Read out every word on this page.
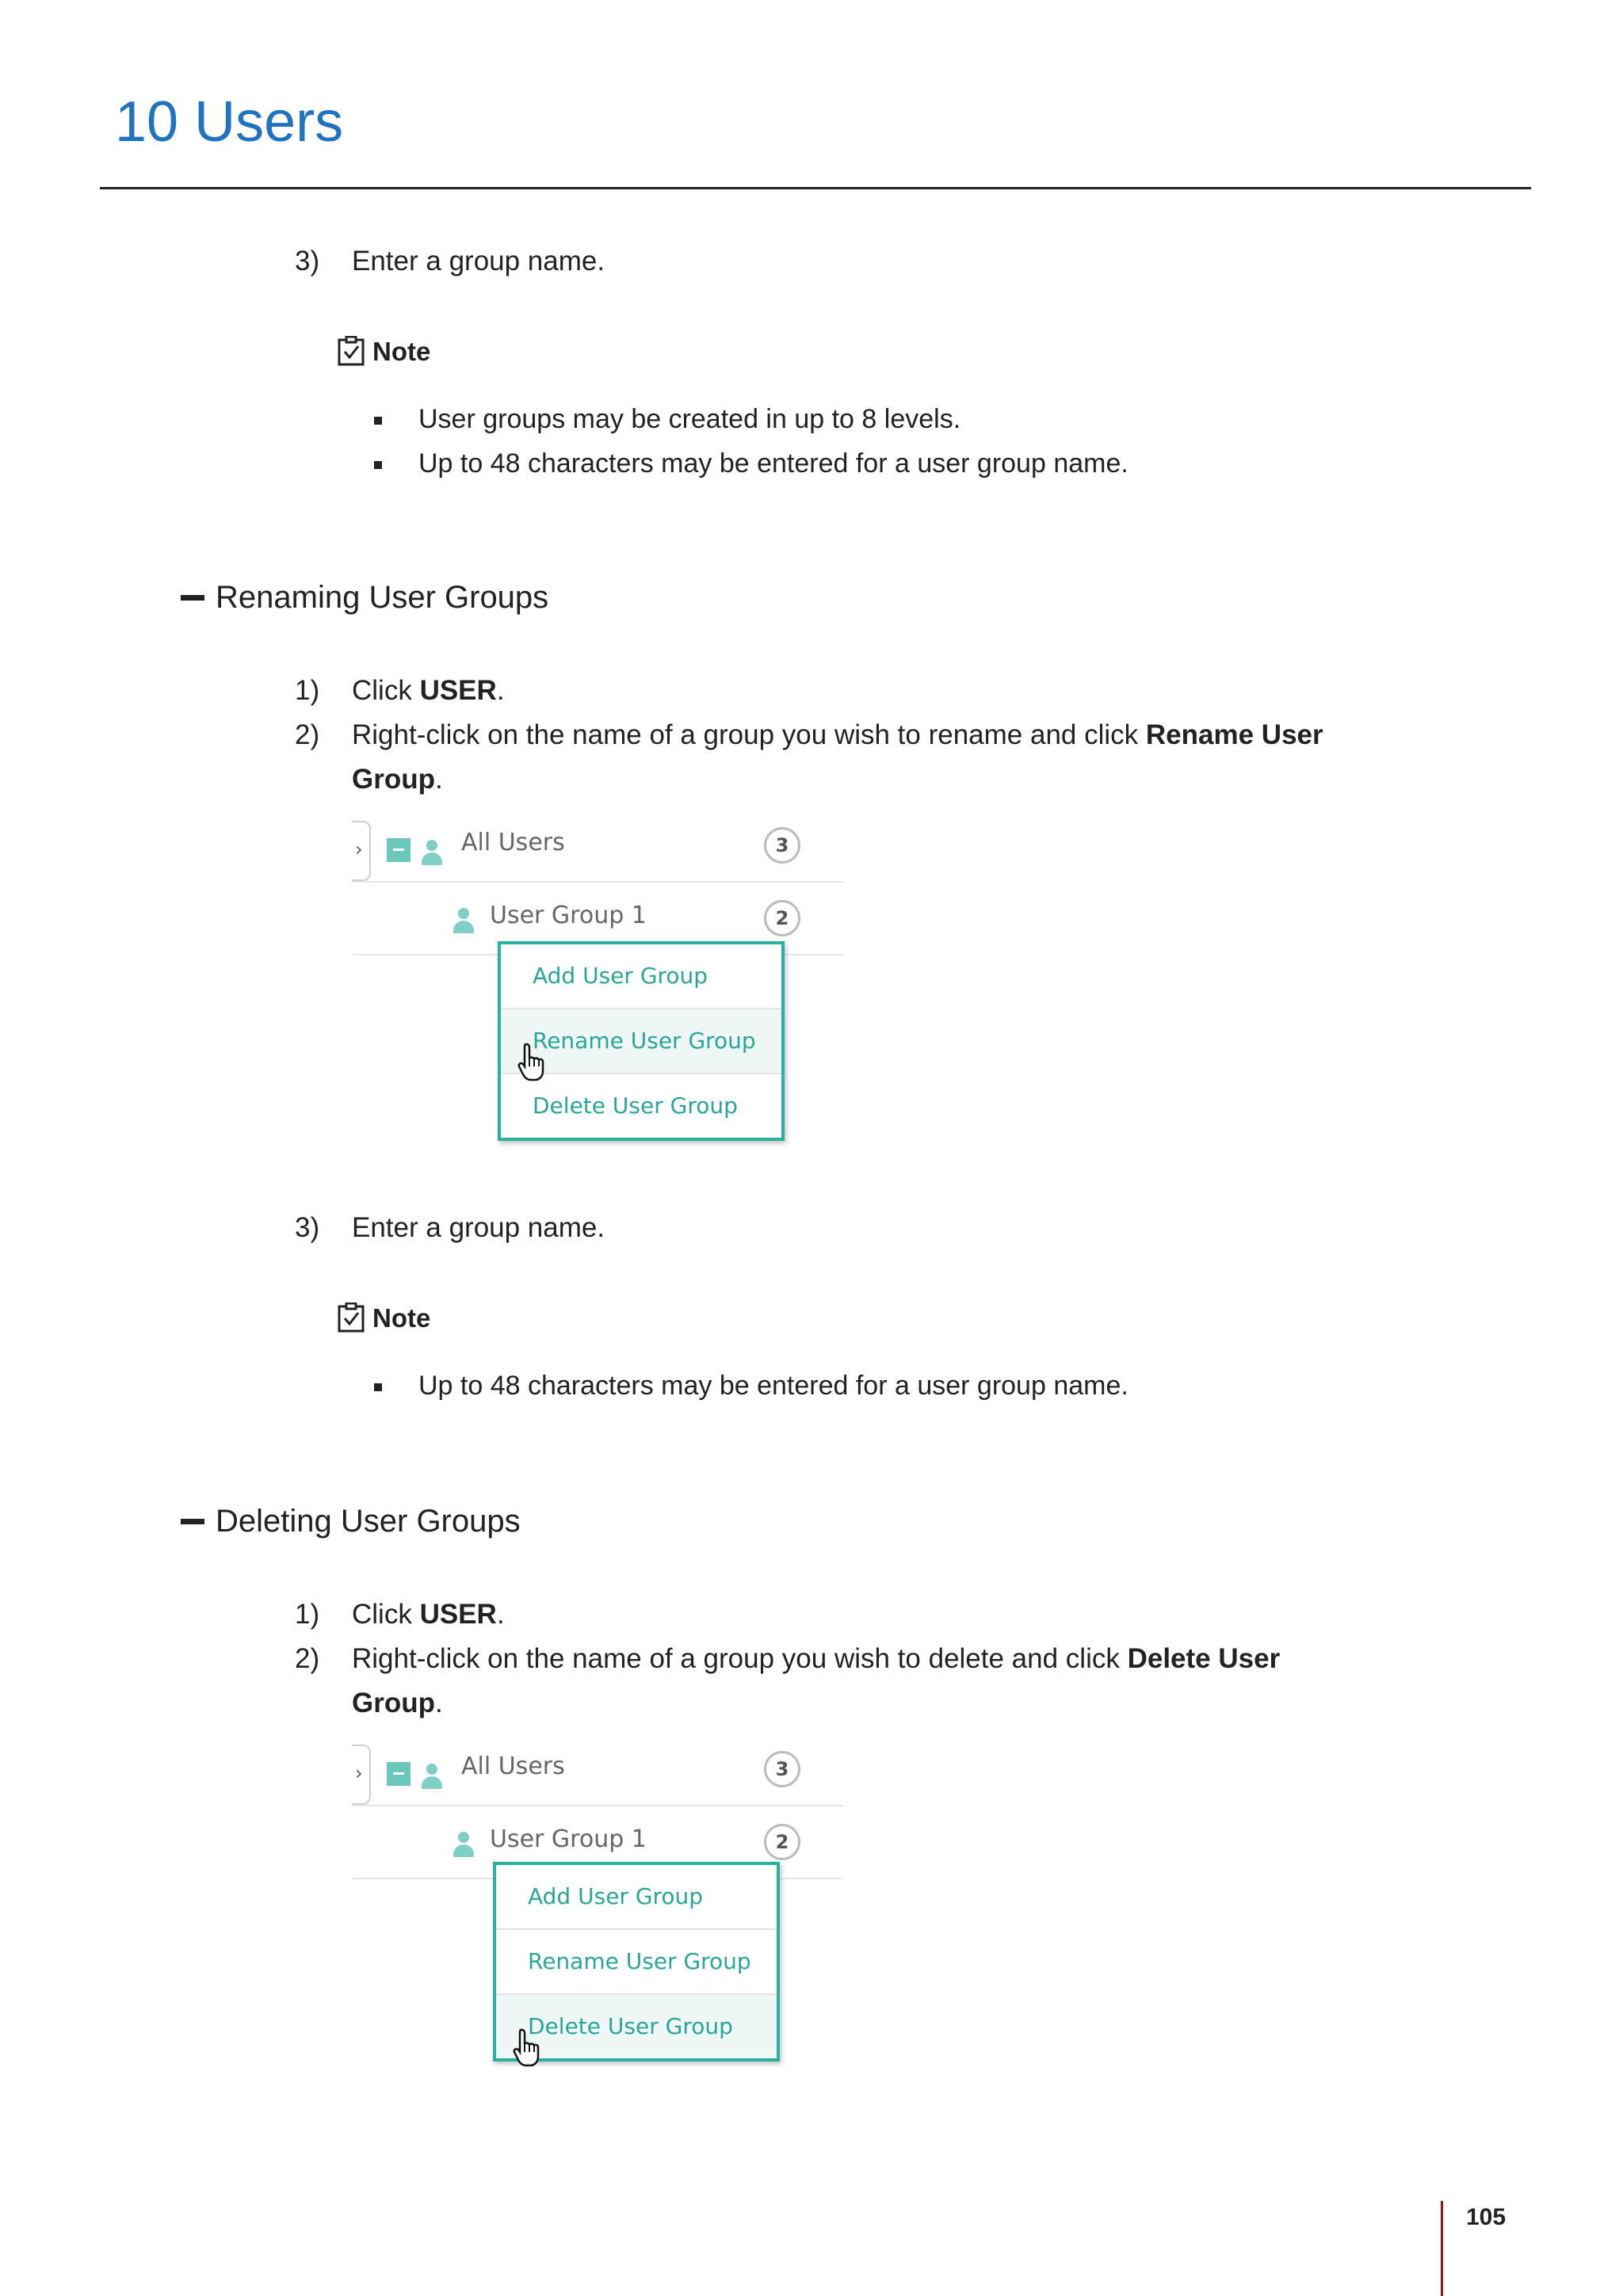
10 Users
3) Enter a group name.
Note
User groups may be created in up to 8 levels.
Up to 48 characters may be entered for a user group name.
Renaming User Groups
1) Click USER.
2) Right-click on the name of a group you wish to rename and click Rename User
Group.
›	All Users	3
User Group 1	2
Add User Group
Rename User Group
Delete User Group
3) Enter a group name.
Note
Up to 48 characters may be entered for a user group name.
Deleting User Groups
1) Click USER.
2) Right-click on the name of a group you wish to delete and click Delete User
Group.
›	All Users	3
User Group 1	2
Add User Group
Rename User Group
Delete User Group
105
